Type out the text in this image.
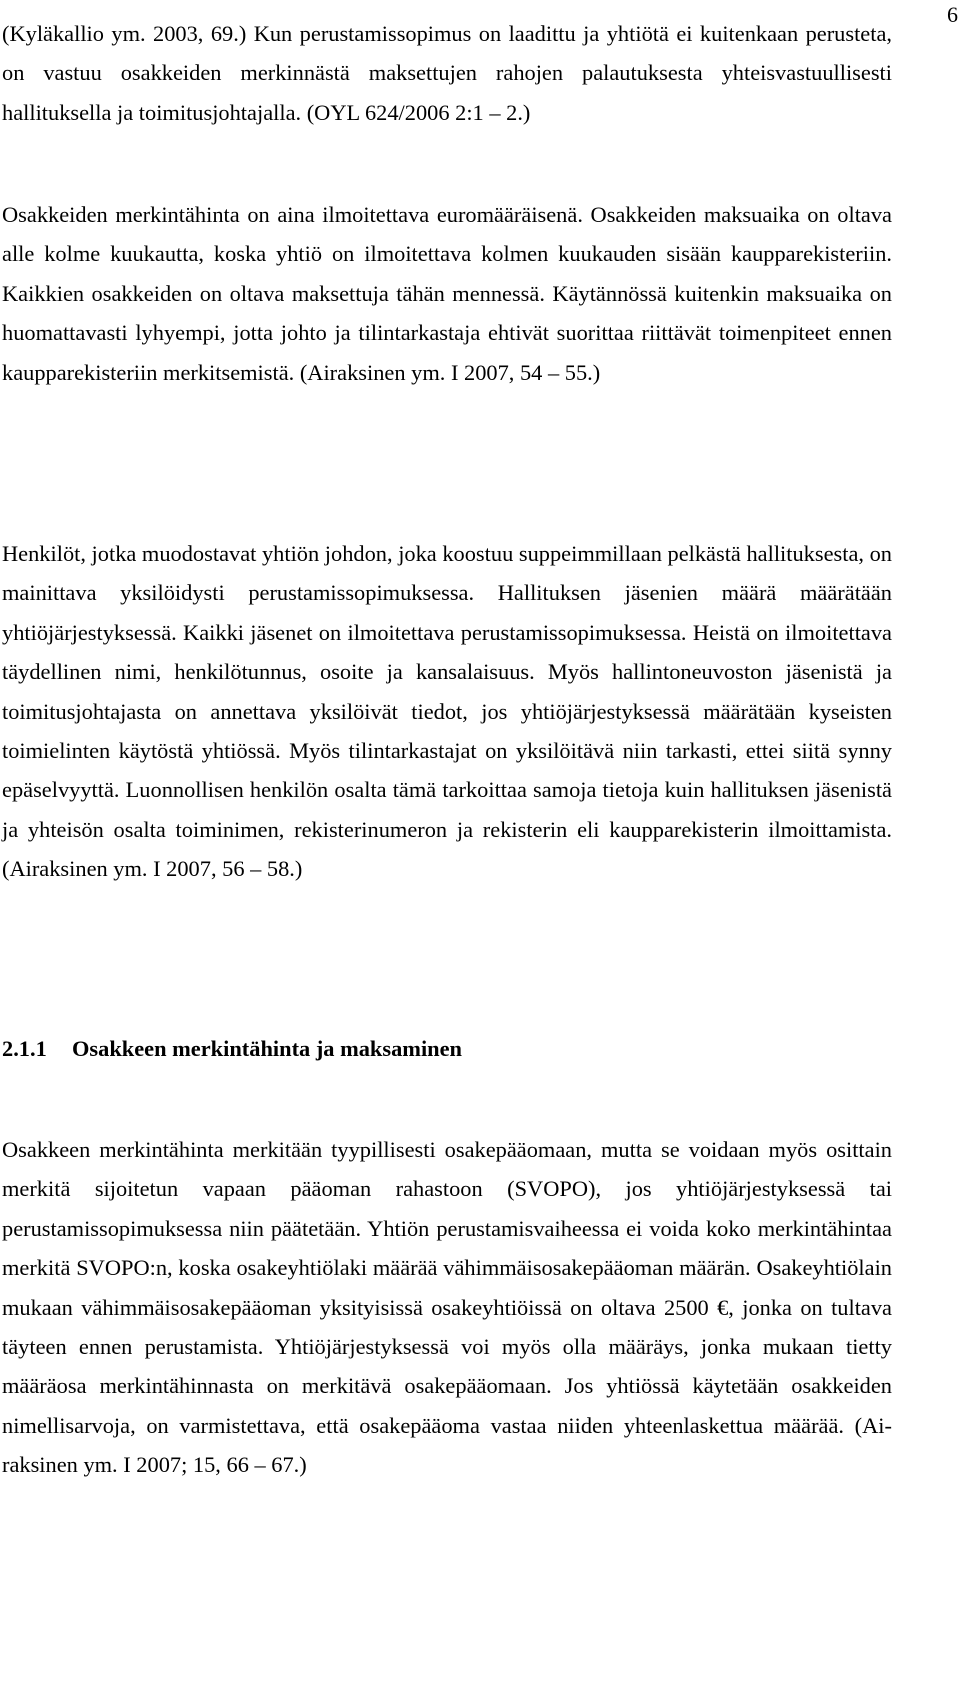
6

(Kyläkallio ym. 2003, 69.) Kun perustamissopimus on laadittu ja yhtiötä ei kuitenkaan perusteta, on vastuu osakkeiden merkinnästä maksettujen rahojen palautuksesta yhteisvastuullisesti hallituksella ja toimitusjohtajalla. (OYL 624/2006 2:1 – 2.)

Osakkeiden merkintähinta on aina ilmoitettava euromääräisenä. Osakkeiden maksuaika on oltava alle kolme kuukautta, koska yhtiö on ilmoitettava kolmen kuukauden sisään kaupparekisteriin. Kaikkien osakkeiden on oltava maksettuja tähän mennessä. Käytännössä kuitenkin maksuaika on huomattavasti lyhyempi, jotta johto ja tilintarkastaja ehtivät suorittaa riittävät toimenpiteet ennen kaupparekisteriin merkitsemistä. (Airaksinen ym. I 2007, 54 – 55.)

Henkilöt, jotka muodostavat yhtiön johdon, joka koostuu suppeimmillaan pelkästä hallituksesta, on mainittava yksilöidysti perustamissopimuksessa. Hallituksen jäsenien määrä määrätään yhtiöjärjestyksessä. Kaikki jäsenet on ilmoitettava perustamissopimuksessa. Heistä on ilmoitettava täydellinen nimi, henkilötunnus, osoite ja kansalaisuus. Myös hallintoneuvoston jäsenistä ja toimitusjohtajasta on annettava yksilöivät tiedot, jos yhtiöjärjestyksessä määrätään kyseisten toimielinten käytöstä yhtiössä. Myös tilintarkastajat on yksilöitävä niin tarkasti, ettei siitä synny epäselvyyttä. Luonnollisen henkilön osalta tämä tarkoittaa samoja tietoja kuin hallituksen jäsenistä ja yhteisön osalta toiminimen, rekisterinumeron ja rekisterin eli kaupparekisterin ilmoittamista. (Airaksinen ym. I 2007, 56 – 58.)

2.1.1 Osakkeen merkintähinta ja maksaminen

Osakkeen merkintähinta merkitään tyypillisesti osakepääomaan, mutta se voidaan myös osittain merkitä sijoitetun vapaan pääoman rahastoon (SVOPO), jos yhtiöjärjestyksessä tai perustamissopimuksessa niin päätetään. Yhtiön perustamisvaiheessa ei voida koko merkintähintaa merkitä SVOPO:n, koska osakeyhtiölaki määrää vähimmäisosakepääoman määrän. Osakeyhtiölain mukaan vähimmäisosakepääoman yksityisissä osakeyhtiöissä on oltava 2500 €, jonka on tultava täyteen ennen perustamista. Yhtiöjärjestyksessä voi myös olla määräys, jonka mukaan tietty määräosa merkintähinnasta on merkitävä osakepääomaan. Jos yhtiössä käytetään osakkeiden nimellisarvoja, on varmistettava, että osakepääoma vastaa niiden yhteenlaskettua määrää. (Airaksinen ym. I 2007; 15, 66 – 67.)
